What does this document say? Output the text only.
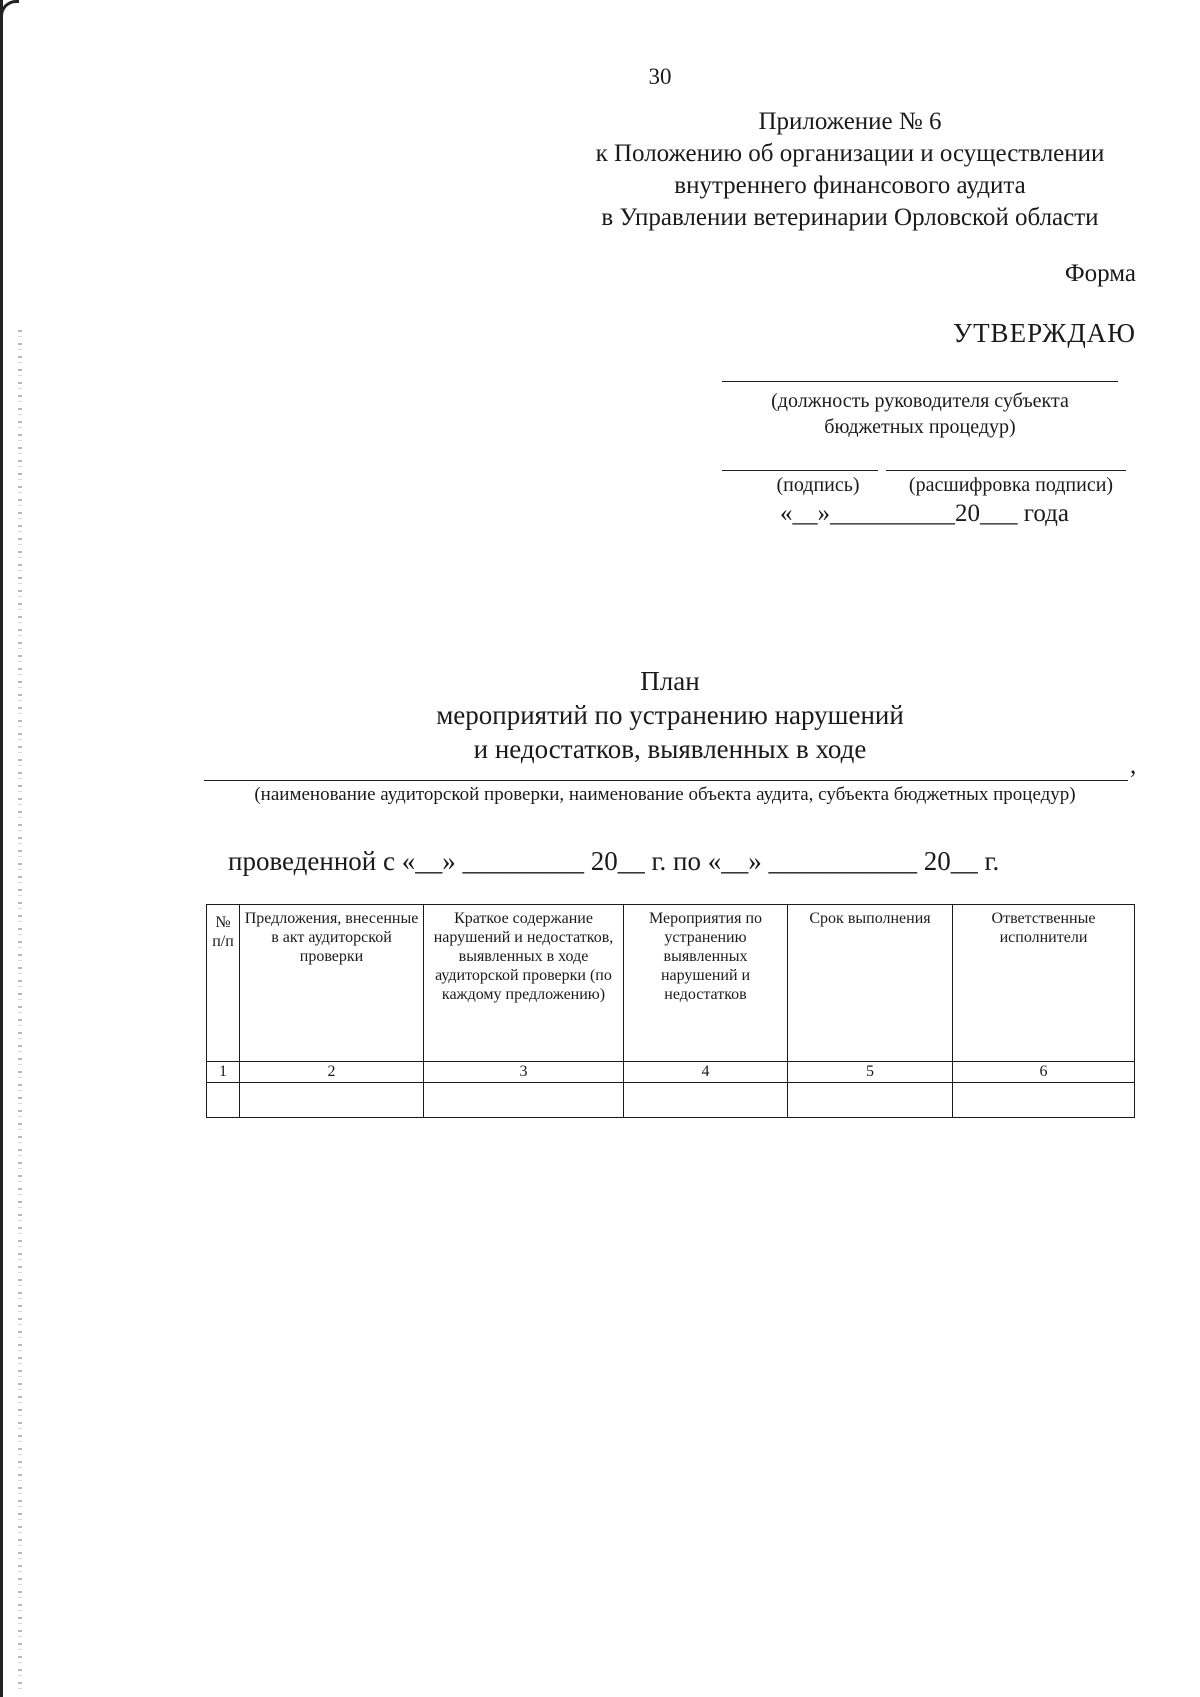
30
Приложение № 6
к Положению об организации и осуществлении
внутреннего финансового аудита
в Управлении ветеринарии Орловской области
Форма
УТВЕРЖДАЮ
(должность руководителя субъекта
бюджетных процедур)
(подпись)	(расшифровка подписи)
«__»__________20___ года
План
мероприятий по устранению нарушений
и недостатков, выявленных в ходе
,
(наименование аудиторской проверки, наименование объекта аудита, субъекта бюджетных процедур)
проведенной с «__» _________ 20__ г. по «__» ___________ 20__ г.
№ п/п	Предложения, внесенные в акт аудиторской проверки	Краткое содержание нарушений и недостатков, выявленных в ходе аудиторской проверки (по каждому предложению)	Мероприятия по устранению выявленных нарушений и недостатков	Срок выполнения	Ответственные исполнители
1	2	3	4	5	6
